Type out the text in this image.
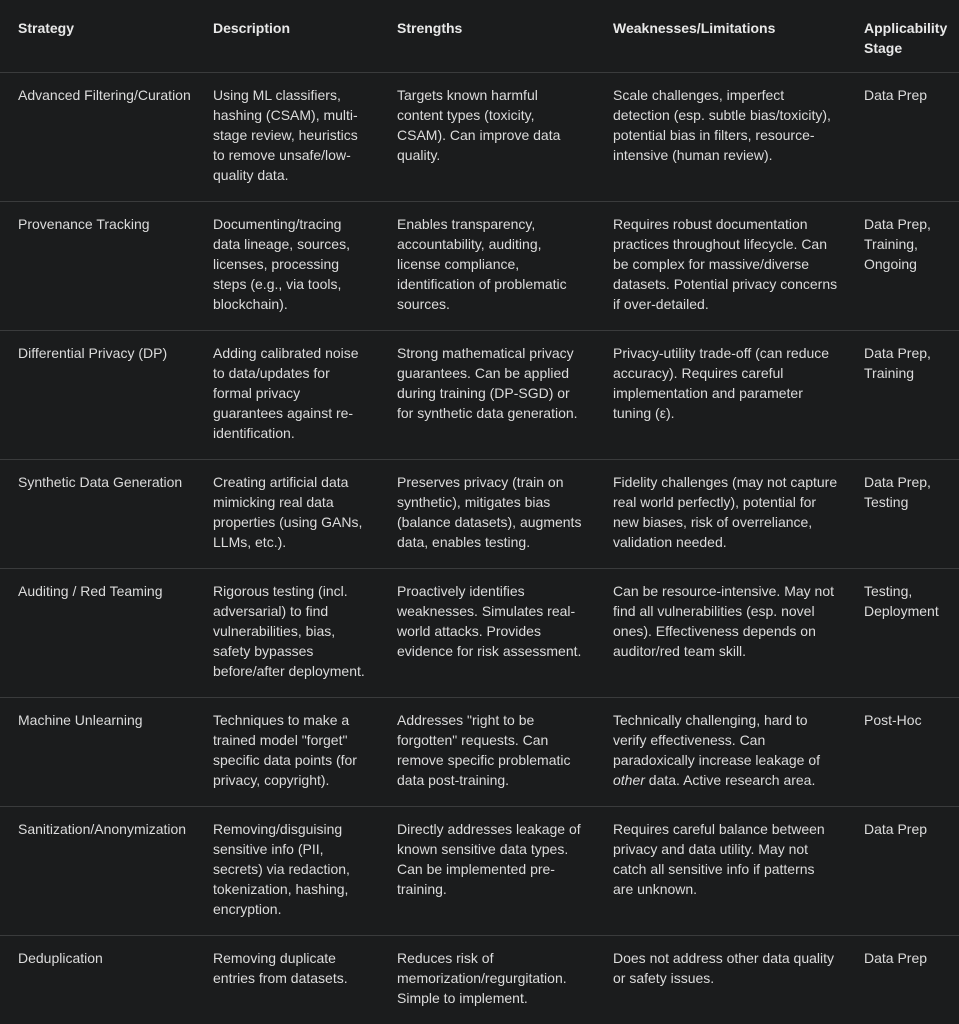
Strategy	Description	Strengths	Weaknesses/Limitations	Applicability Stage
Advanced Filtering/Curation	Using ML classifiers, hashing (CSAM), multi-stage review, heuristics to remove unsafe/low-quality data.	Targets known harmful content types (toxicity, CSAM). Can improve data quality.	Scale challenges, imperfect detection (esp. subtle bias/toxicity), potential bias in filters, resource-intensive (human review).	Data Prep
Provenance Tracking	Documenting/tracing data lineage, sources, licenses, processing steps (e.g., via tools, blockchain).	Enables transparency, accountability, auditing, license compliance, identification of problematic sources.	Requires robust documentation practices throughout lifecycle. Can be complex for massive/diverse datasets. Potential privacy concerns if over-detailed.	Data Prep, Training, Ongoing
Differential Privacy (DP)	Adding calibrated noise to data/updates for formal privacy guarantees against re-identification.	Strong mathematical privacy guarantees. Can be applied during training (DP-SGD) or for synthetic data generation.	Privacy-utility trade-off (can reduce accuracy). Requires careful implementation and parameter tuning (ε).	Data Prep, Training
Synthetic Data Generation	Creating artificial data mimicking real data properties (using GANs, LLMs, etc.).	Preserves privacy (train on synthetic), mitigates bias (balance datasets), augments data, enables testing.	Fidelity challenges (may not capture real world perfectly), potential for new biases, risk of overreliance, validation needed.	Data Prep, Testing
Auditing / Red Teaming	Rigorous testing (incl. adversarial) to find vulnerabilities, bias, safety bypasses before/after deployment.	Proactively identifies weaknesses. Simulates real-world attacks. Provides evidence for risk assessment.	Can be resource-intensive. May not find all vulnerabilities (esp. novel ones). Effectiveness depends on auditor/red team skill.	Testing, Deployment
Machine Unlearning	Techniques to make a trained model "forget" specific data points (for privacy, copyright).	Addresses "right to be forgotten" requests. Can remove specific problematic data post-training.	Technically challenging, hard to verify effectiveness. Can paradoxically increase leakage of other data. Active research area.	Post-Hoc
Sanitization/Anonymization	Removing/disguising sensitive info (PII, secrets) via redaction, tokenization, hashing, encryption.	Directly addresses leakage of known sensitive data types. Can be implemented pre-training.	Requires careful balance between privacy and data utility. May not catch all sensitive info if patterns are unknown.	Data Prep
Deduplication	Removing duplicate entries from datasets.	Reduces risk of memorization/regurgitation. Simple to implement.	Does not address other data quality or safety issues.	Data Prep
